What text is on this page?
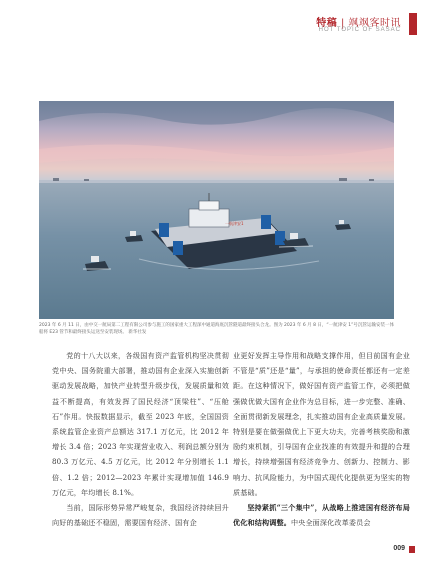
特稿 | 飒飒客时讯
HOT TOPIC OF SASAC
一航津安1
2023 年 6 月 11 日，由中交一航局第二工程有限公司参与施工的国家重大工程深中通道海底沉管隧道最终接头合龙。图为 2023 年 6 月 8 日，“一航津安 1”号沉管运输安装一体船将 E23 管节和最终接头运送至安装现场。 新华社发

党的十八大以来，各级国有资产监管机构坚决贯彻党中央、国务院重大部署，推动国有企业深入实施创新驱动发展战略，加快产业转型升级步伐，发展质量和效益不断提高，有效发挥了国民经济“顶梁柱”、“压舱石”作用。快报数据显示，截至 2023 年底，全国国资系统监管企业资产总额达 317.1 万亿元，比 2012 年增长 3.4 倍；2023 年实现营业收入、利润总额分别为 80.3 万亿元、4.5 万亿元，比 2012 年分别增长 1.1 倍、1.2 倍；2012—2023 年累计实现增加值 146.9 万亿元，年均增长 8.1%。

当前，国际形势异常严峻复杂，我国经济持续回升向好的基础还不稳固，需要国有经济、国有企

业更好发挥主导作用和战略支撑作用，但目前国有企业不管是“质”还是“量”，与承担的使命责任都还有一定差距。在这种情况下，做好国有资产监管工作，必须把做强做优做大国有企业作为总目标，进一步完整、准确、全面贯彻新发展理念，扎实推动国有企业高质量发展。特别是要在做强做优上下更大功夫，完善考核奖励和激励约束机制，引导国有企业找准的有效提升和提的合理增长，持续增强国有经济竞争力、创新力、控制力、影响力、抗风险能力，为中国式现代化提供更为坚实的物质基础。

坚持紧抓“三个集中”，从战略上推进国有经济布局优化和结构调整。中央全面深化改革委员会

009
